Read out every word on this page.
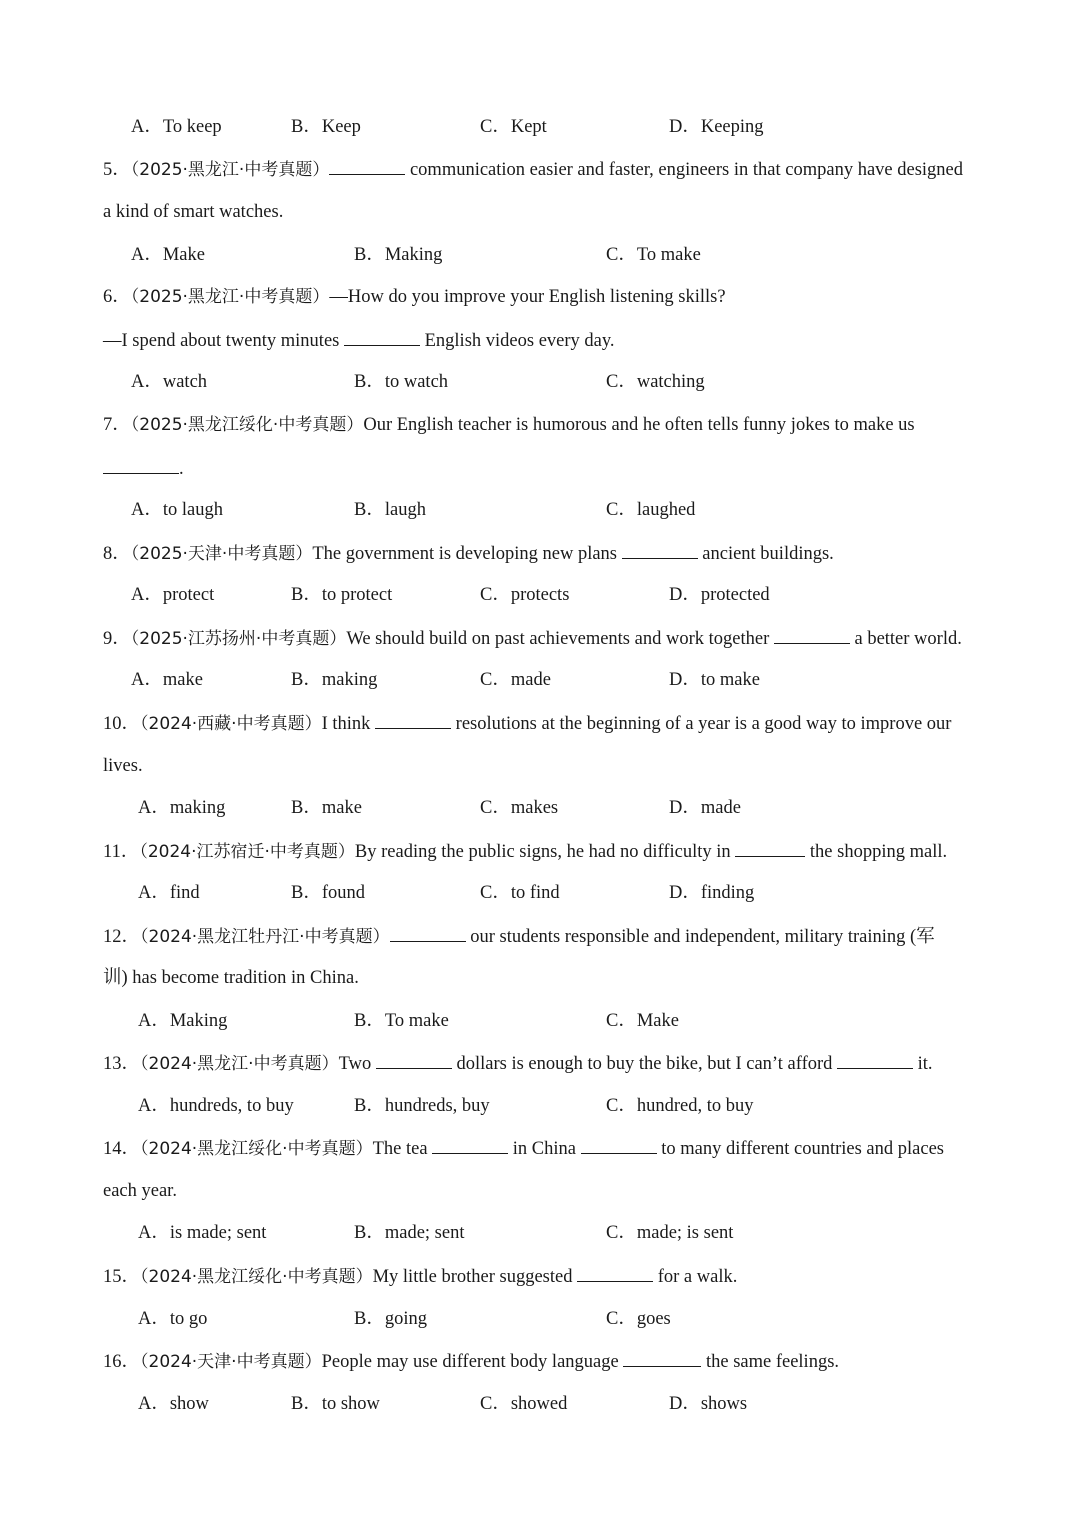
A．To keep	B．Keep	C．Kept	D．Keeping
5．（2025·黑龙江·中考真题）	communication easier and faster, engineers in that company have designed
a kind of smart watches.
A．Make	B．Making	C．To make
6．（2025·黑龙江·中考真题）—How do you improve your English listening skills?
—I spend about twenty minutes	English videos every day.
A．watch	B．to watch	C．watching
7．（2025·黑龙江绥化·中考真题）Our English teacher is humorous and he often tells funny jokes to make us
.
A．to laugh	B．laugh	C．laughed
8．（2025·天津·中考真题）The government is developing new plans	ancient buildings.
A．protect	B．to protect	C．protects	D．protected
9．（2025·江苏扬州·中考真题）We should build on past achievements and work together	a better world.
A．make	B．making	C．made	D．to make
10．（2024·西藏·中考真题）I think	resolutions at the beginning of a year is a good way to improve our
lives.
A．making	B．make	C．makes	D．made
11．（2024·江苏宿迁·中考真题）By reading the public signs, he had no difficulty in	the shopping mall.
A．find	B．found	C．to find	D．finding
12．（2024·黑龙江牡丹江·中考真题）	our students responsible and independent, military training (军
训) has become tradition in China.
A．Making	B．To make	C．Make
13．（2024·黑龙江·中考真题）Two	dollars is enough to buy the bike, but I can’t afford	it.
A．hundreds, to buy	B．hundreds, buy	C．hundred, to buy
14．（2024·黑龙江绥化·中考真题）The tea	in China	to many different countries and places
each year.
A．is made; sent	B．made; sent	C．made; is sent
15．（2024·黑龙江绥化·中考真题）My little brother suggested	for a walk.
A．to go	B．going	C．goes
16．（2024·天津·中考真题）People may use different body language	the same feelings.
A．show	B．to show	C．showed	D．shows
